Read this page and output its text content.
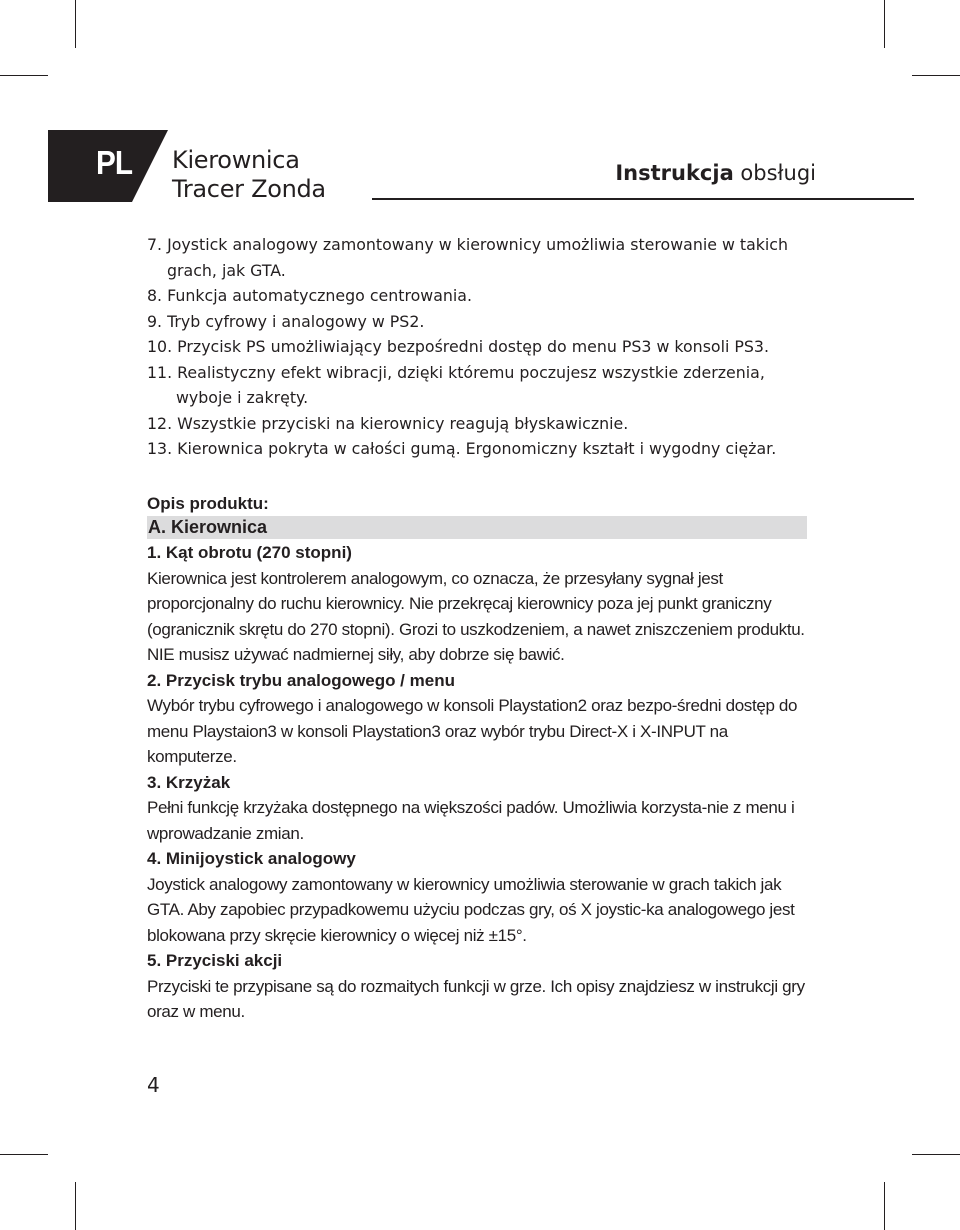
PL Kierownica
Tracer Zonda
Instrukcja obsługi
7. Joystick analogowy zamontowany w kierownicy umożliwia sterowanie w takich grach, jak GTA.
8. Funkcja automatycznego centrowania.
9. Tryb cyfrowy i analogowy w PS2.
10. Przycisk PS umożliwiający bezpośredni dostęp do menu PS3 w konsoli PS3.
11. Realistyczny efekt wibracji, dzięki któremu poczujesz wszystkie zderzenia, wyboje i zakręty.
12. Wszystkie przyciski na kierownicy reagują błyskawicznie.
13. Kierownica pokryta w całości gumą. Ergonomiczny kształt i wygodny ciężar.
Opis produktu:
A. Kierownica
1. Kąt obrotu (270 stopni)
Kierownica jest kontrolerem analogowym, co oznacza, że przesyłany sygnał jest proporcjonalny do ruchu kierownicy. Nie przekręcaj kierownicy poza jej punkt graniczny (ogranicznik skrętu do 270 stopni). Grozi to uszkodzeniem, a nawet zniszczeniem produktu. NIE musisz używać nadmiernej siły, aby dobrze się bawić.
2. Przycisk trybu analogowego / menu
Wybór trybu cyfrowego i analogowego w konsoli Playstation2 oraz bezpo-średni dostęp do menu Playstaion3 w konsoli Playstation3 oraz wybór trybu Direct-X i X-INPUT na komputerze.
3. Krzyżak
Pełni funkcję krzyżaka dostępnego na większości padów. Umożliwia korzysta-nie z menu i wprowadzanie zmian.
4. Minijoystick analogowy
Joystick analogowy zamontowany w kierownicy umożliwia sterowanie w grach takich jak GTA. Aby zapobiec przypadkowemu użyciu podczas gry, oś X joystic-ka analogowego jest blokowana przy skręcie kierownicy o więcej niż ±15°.
5. Przyciski akcji
Przyciski te przypisane są do rozmaitych funkcji w grze. Ich opisy znajdziesz w instrukcji gry oraz w menu.
4
